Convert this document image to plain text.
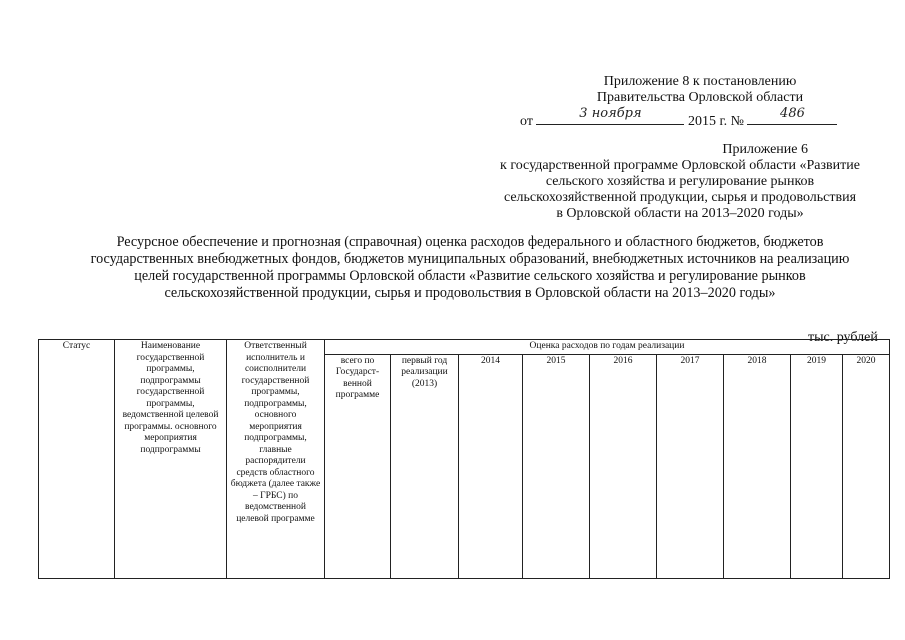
Приложение 8 к постановлению
Правительства Орловской области
от
3 ноября
2015 г. №
486
Приложение 6
к государственной программе Орловской области «Развитие
сельского хозяйства и регулирование рынков
сельскохозяйственной продукции, сырья и продовольствия
в Орловской области на 2013–2020 годы»
Ресурсное обеспечение и прогнозная (справочная) оценка расходов федерального и областного бюджетов, бюджетов
государственных внебюджетных фондов, бюджетов муниципальных образований, внебюджетных источников на реализацию
целей государственной программы Орловской области «Развитие сельского хозяйства и регулирование рынков
сельскохозяйственной продукции, сырья и продовольствия в Орловской области на 2013–2020 годы»
тыс. рублей
Статус	Наименование государственной программы, подпрограммы государственной программы, ведомственной целевой программы. основного мероприятия подпрограммы	Ответственный исполнитель и соисполнители государственной программы, подпрограммы, основного мероприятия подпрограммы, главные распорядители средств областного бюджета (далее также – ГРБС) по ведомственной целевой программе	Оценка расходов по годам реализации								
			всего по Государст-венной программе	первый год реализации (2013)	2014	2015	2016	2017	2018	2019	2020
